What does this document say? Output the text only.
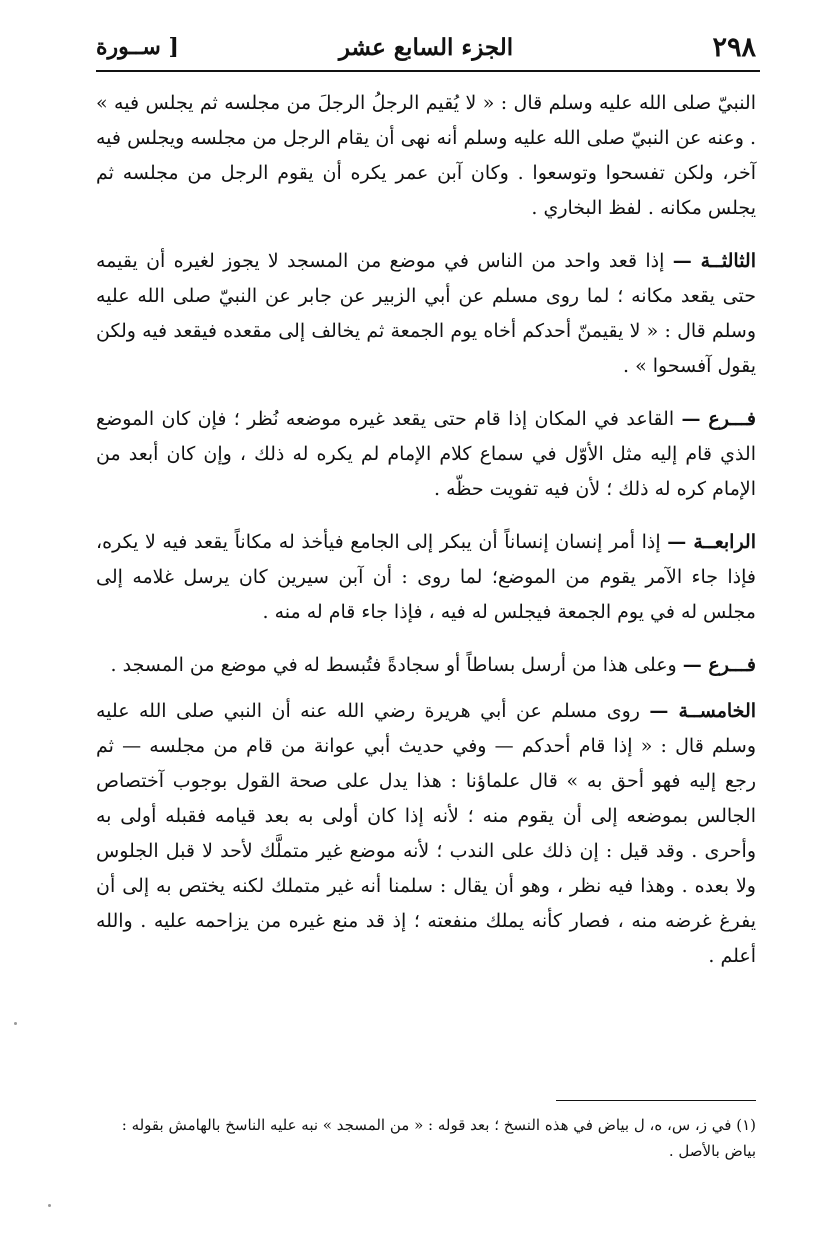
٢٩٨
الجزء السابع عشر
[ ســورة

النبيّ صلى الله عليه وسلم قال : « لا يُقيم الرجلُ الرجلَ من مجلسه ثم يجلس فيه » . وعنه عن النبيّ صلى الله عليه وسلم أنه نهى أن يقام الرجل من مجلسه ويجلس فيه آخر، ولكن تفسحوا وتوسعوا . وكان آبن عمر يكره أن يقوم الرجل من مجلسه ثم يجلس مكانه . لفظ البخاري .

الثالثــة — إذا قعد واحد من الناس في موضع من المسجد لا يجوز لغيره أن يقيمه حتى يقعد مكانه ؛ لما روى مسلم عن أبي الزبير عن جابر عن النبيّ صلى الله عليه وسلم قال : « لا يقيمنّ أحدكم أخاه يوم الجمعة ثم يخالف إلى مقعده فيقعد فيه ولكن يقول آفسحوا » .

فـــرع — القاعد في المكان إذا قام حتى يقعد غيره موضعه نُظر ؛ فإن كان الموضع الذي قام إليه مثل الأوّل في سماع كلام الإمام لم يكره له ذلك ، وإن كان أبعد من الإمام كره له ذلك ؛ لأن فيه تفويت حظّه .

الرابعــة — إذا أمر إنسان إنساناً أن يبكر إلى الجامع فيأخذ له مكاناً يقعد فيه لا يكره، فإذا جاء الآمر يقوم من الموضع؛ لما روى : أن آبن سيرين كان يرسل غلامه إلى مجلس له في يوم الجمعة فيجلس له فيه ، فإذا جاء قام له منه .

فـــرع — وعلى هذا من أرسل بساطاً أو سجادةً فتُبسط له في موضع من المسجد .

الخامســة — روى مسلم عن أبي هريرة رضي الله عنه أن النبي صلى الله عليه وسلم قال : « إذا قام أحدكم — وفي حديث أبي عوانة من قام من مجلسه — ثم رجع إليه فهو أحق به » قال علماؤنا : هذا يدل على صحة القول بوجوب آختصاص الجالس بموضعه إلى أن يقوم منه ؛ لأنه إذا كان أولى به بعد قيامه فقبله أولى به وأحرى . وقد قيل : إن ذلك على الندب ؛ لأنه موضع غير متملَّك لأحد لا قبل الجلوس ولا بعده . وهذا فيه نظر ، وهو أن يقال : سلمنا أنه غير متملك لكنه يختص به إلى أن يفرغ غرضه منه ، فصار كأنه يملك منفعته ؛ إذ قد منع غيره من يزاحمه عليه . والله أعلم .

(١) في ز، س، ه، ل بياض في هذه النسخ ؛ بعد قوله : « من المسجد » نبه عليه الناسخ بالهامش بقوله : بياض بالأصل .
